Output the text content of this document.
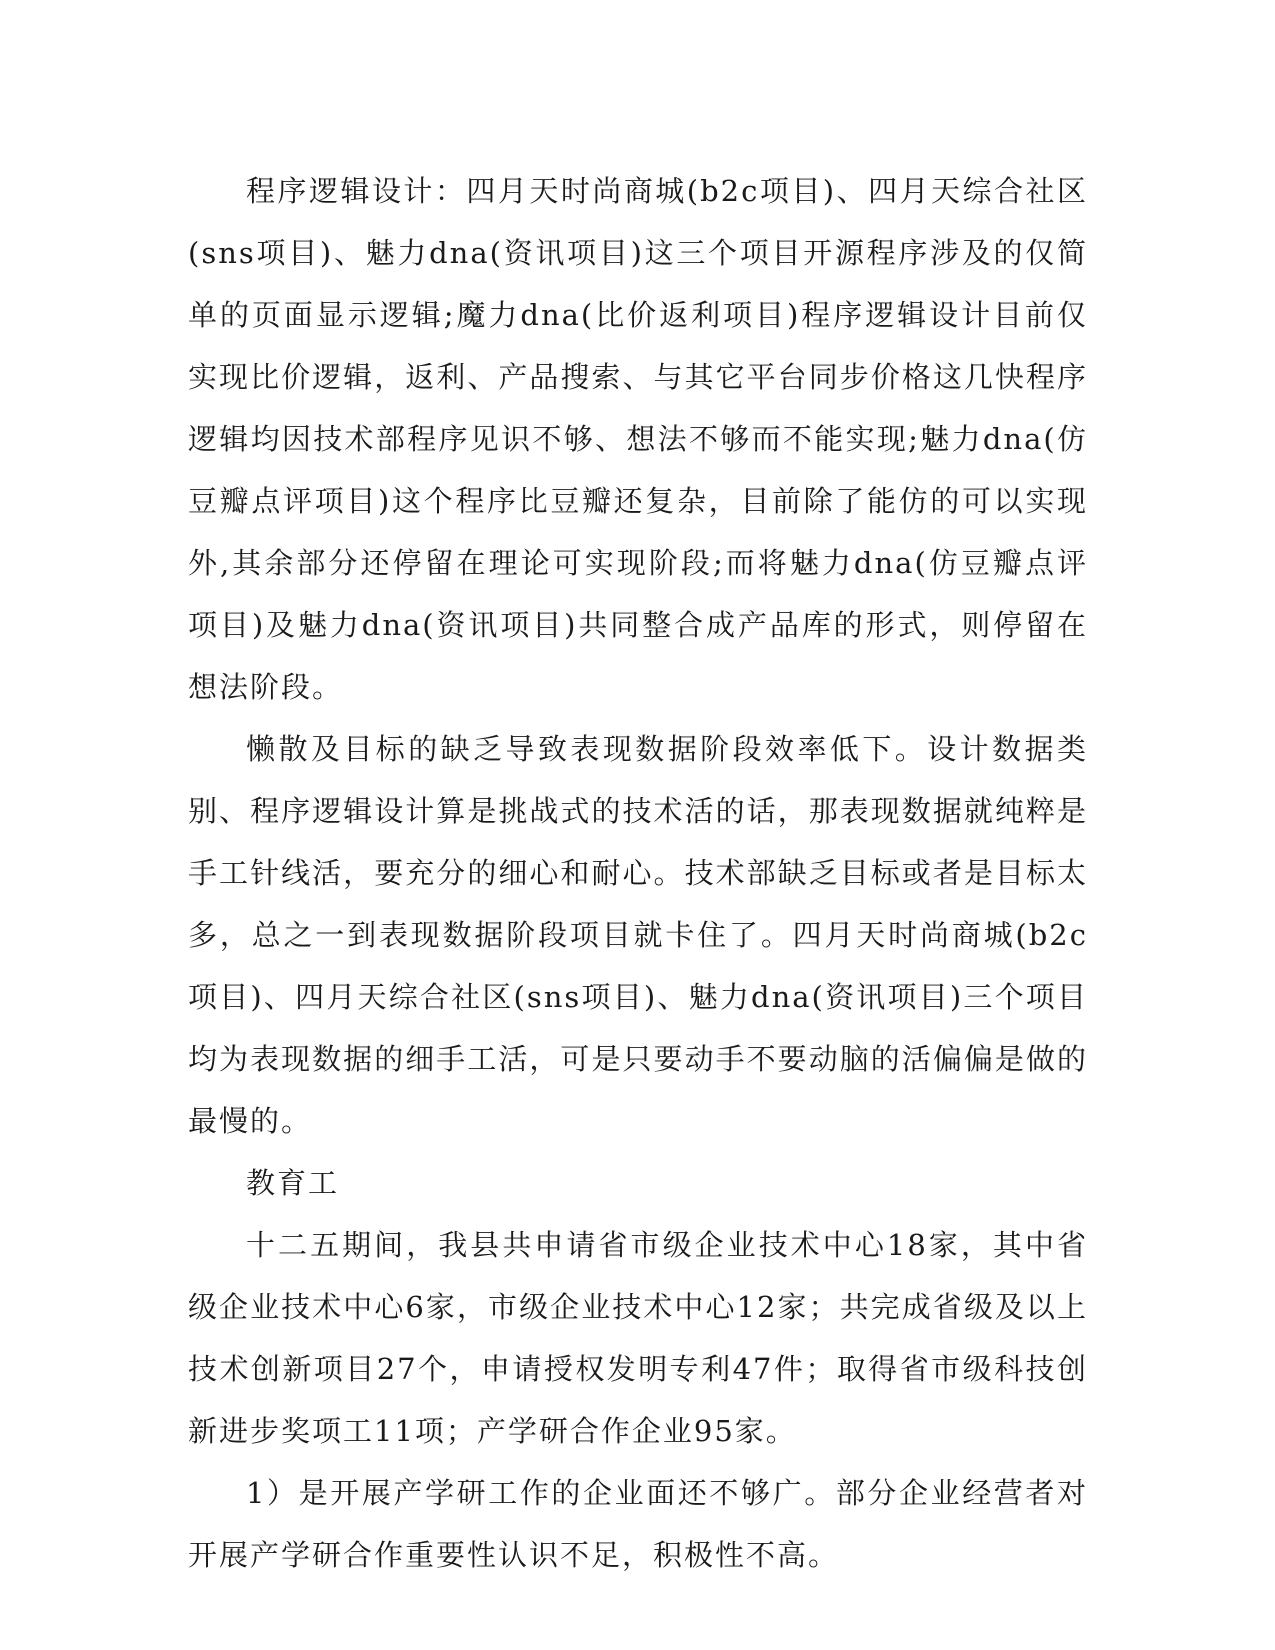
程序逻辑设计：四月天时尚商城(b2c项目)、四月天综合社区(sns项目)、魅力dna(资讯项目)这三个项目开源程序涉及的仅简单的页面显示逻辑;魔力dna(比价返利项目)程序逻辑设计目前仅实现比价逻辑，返利、产品搜索、与其它平台同步价格这几快程序逻辑均因技术部程序见识不够、想法不够而不能实现;魅力dna(仿豆瓣点评项目)这个程序比豆瓣还复杂，目前除了能仿的可以实现外,其余部分还停留在理论可实现阶段;而将魅力dna(仿豆瓣点评项目)及魅力dna(资讯项目)共同整合成产品库的形式，则停留在想法阶段。

懒散及目标的缺乏导致表现数据阶段效率低下。设计数据类别、程序逻辑设计算是挑战式的技术活的话，那表现数据就纯粹是手工针线活，要充分的细心和耐心。技术部缺乏目标或者是目标太多，总之一到表现数据阶段项目就卡住了。四月天时尚商城(b2c项目)、四月天综合社区(sns项目)、魅力dna(资讯项目)三个项目均为表现数据的细手工活，可是只要动手不要动脑的活偏偏是做的最慢的。

教育工

十二五期间，我县共申请省市级企业技术中心18家，其中省级企业技术中心6家，市级企业技术中心12家；共完成省级及以上技术创新项目27个，申请授权发明专利47件；取得省市级科技创新进步奖项工11项；产学研合作企业95家。

1）是开展产学研工作的企业面还不够广。部分企业经营者对开展产学研合作重要性认识不足，积极性不高。
